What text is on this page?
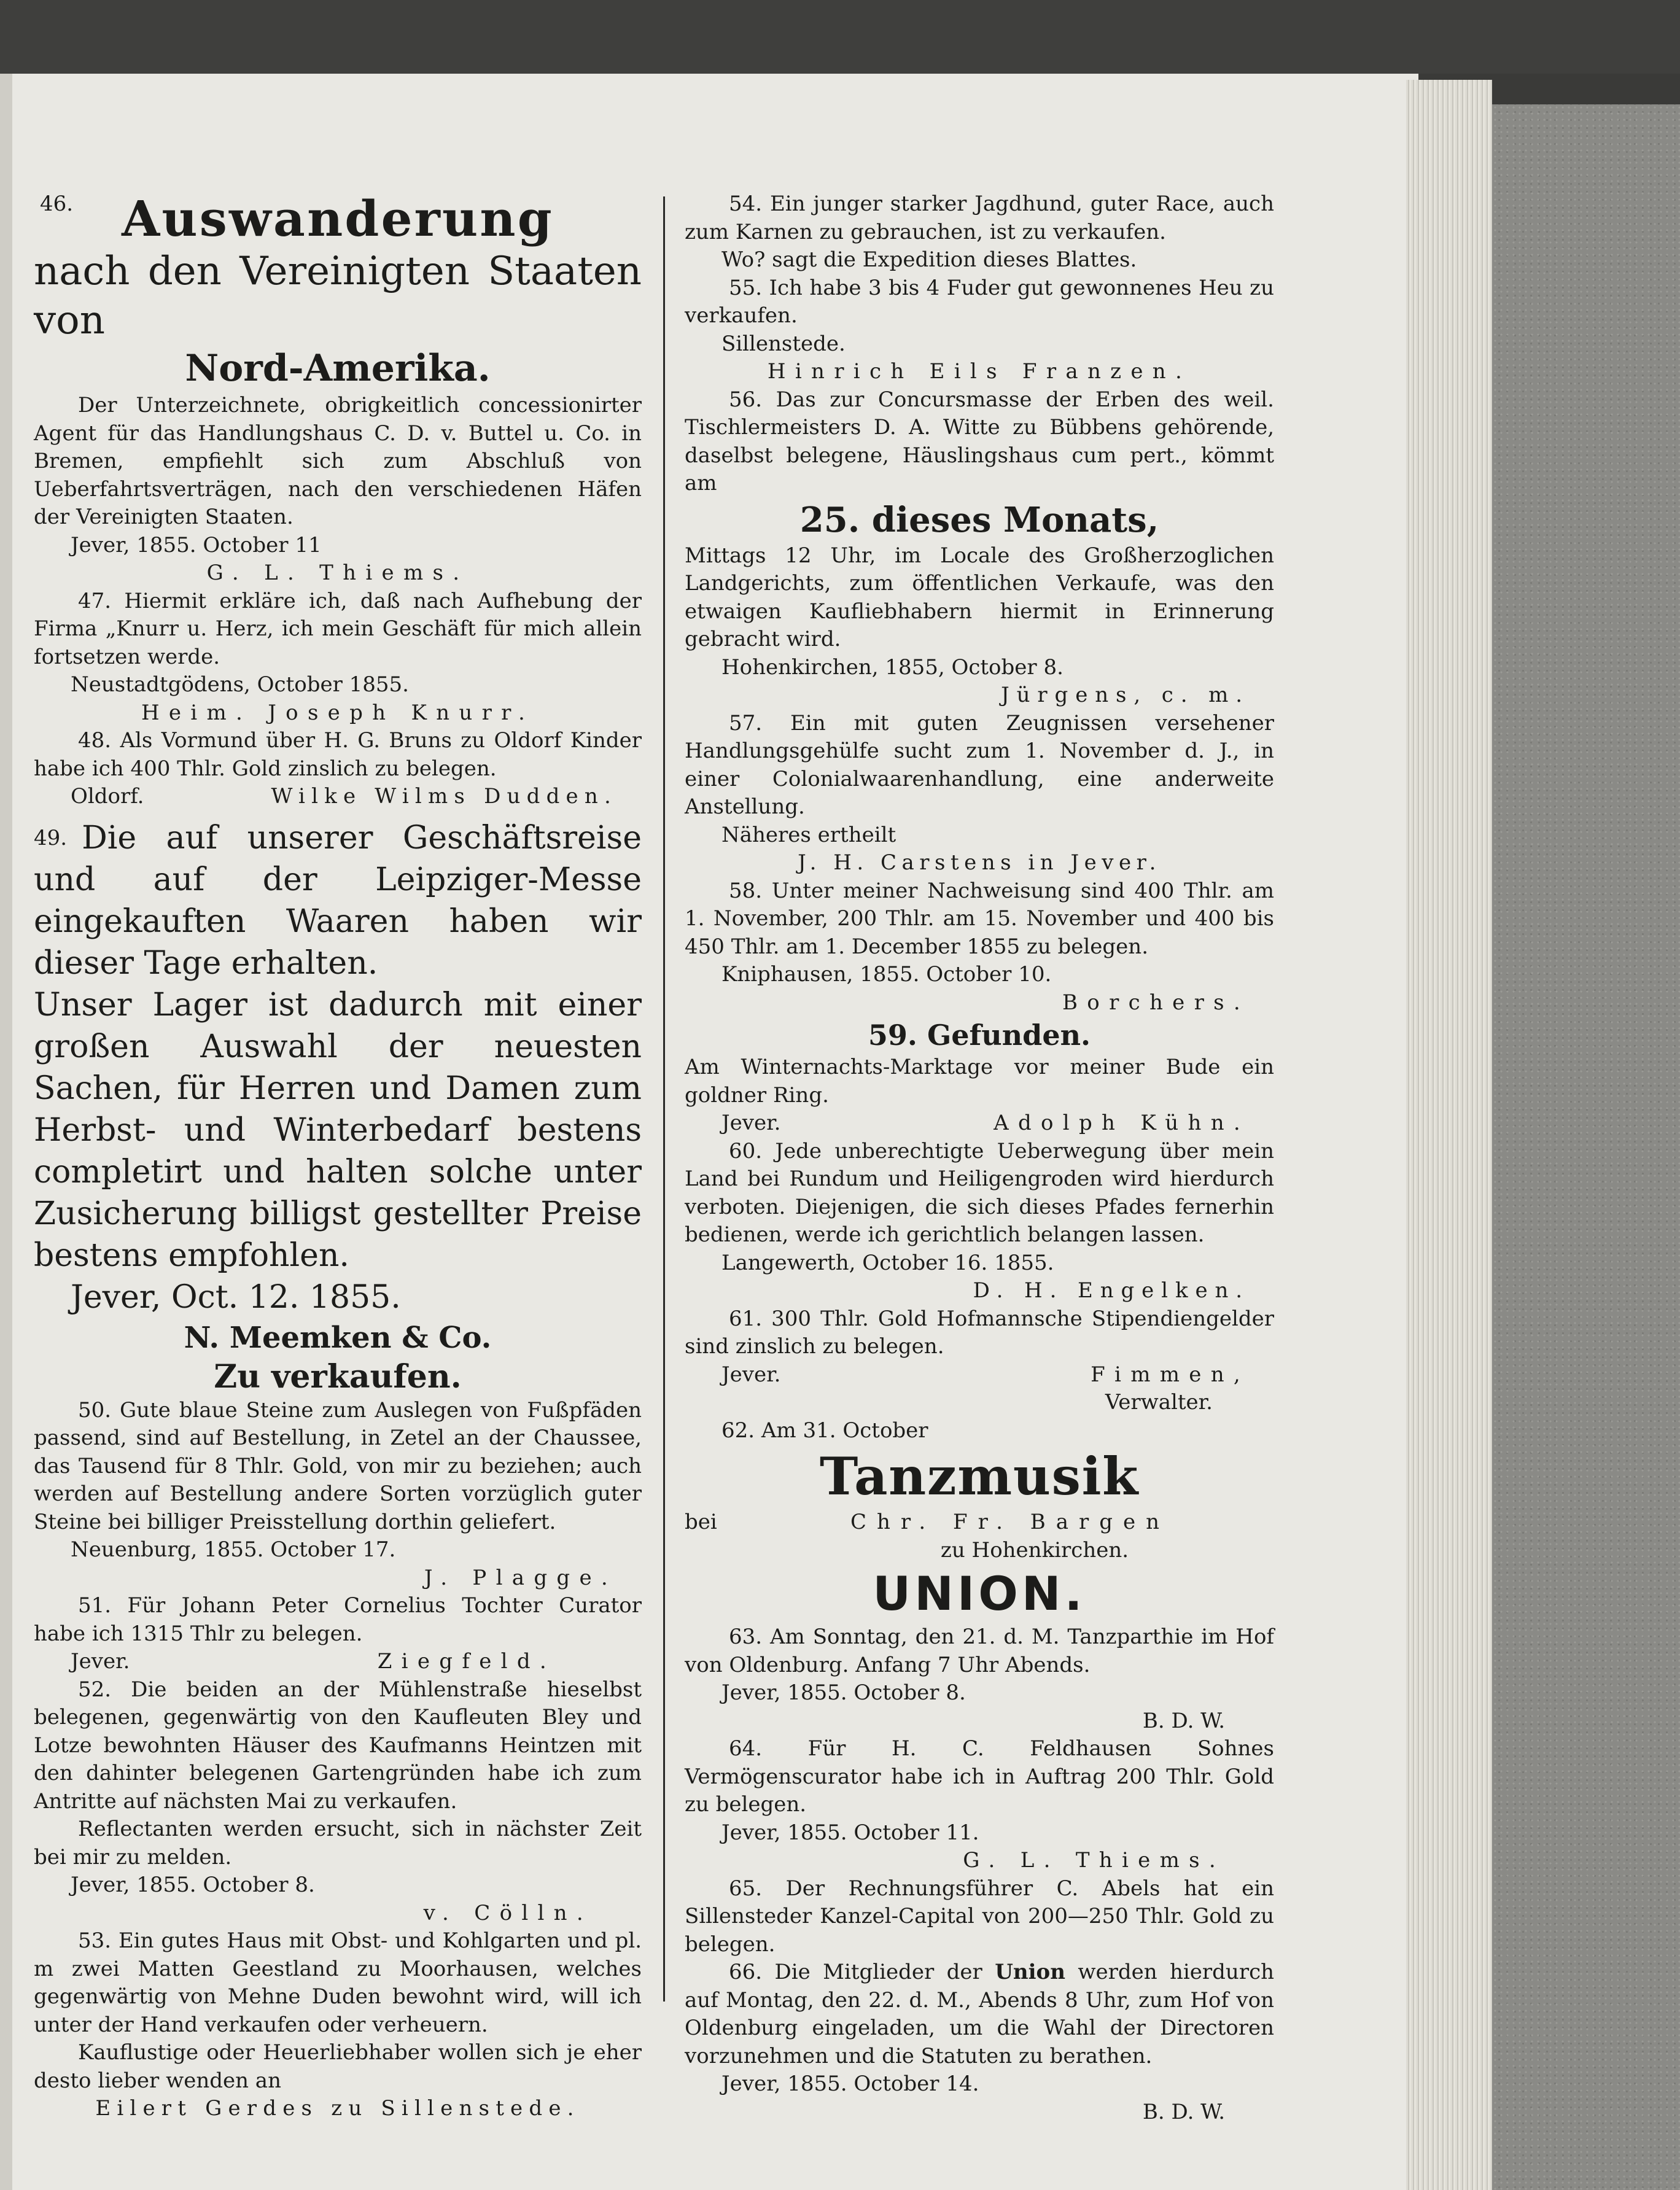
46. Auswanderung
nach den Vereinigten Staaten von
Nord-Amerika.

Der Unterzeichnete, obrigkeitlich concessionirter Agent für das Handlungshaus C. D. v. Buttel u. Co. in Bremen, empfiehlt sich zum Abschluß von Ueberfahrtsverträgen, nach den verschiedenen Häfen der Vereinigten Staaten.

Jever, 1855. October 11

G. L. Thiems.

47. Hiermit erkläre ich, daß nach Aufhebung der Firma „Knurr u. Herz, ich mein Geschäft für mich allein fortsetzen werde.

Neustadtgödens, October 1855.

Heim. Joseph Knurr.

48. Als Vormund über H. G. Bruns zu Oldorf Kinder habe ich 400 Thlr. Gold zinslich zu belegen.

Oldorf.	Wilke Wilms Dudden.

$^{49.}$ Die auf unserer Geschäftsreise und auf der Leipziger-Messe eingekauften Waaren haben wir dieser Tage erhalten.

Unser Lager ist dadurch mit einer großen Auswahl der neuesten Sachen, für Herren und Damen zum Herbst- und Winterbedarf bestens completirt und halten solche unter Zusicherung billigst gestellter Preise bestens empfohlen.

Jever, Oct. 12. 1855.

N. Meemken & Co.

Zu verkaufen.

50. Gute blaue Steine zum Auslegen von Fußpfäden passend, sind auf Bestellung, in Zetel an der Chaussee, das Tausend für 8 Thlr. Gold, von mir zu beziehen; auch werden auf Bestellung andere Sorten vorzüglich guter Steine bei billiger Preisstellung dorthin geliefert.

Neuenburg, 1855. October 17.

J. Plagge.

51. Für Johann Peter Cornelius Tochter Curator habe ich 1315 Thlr zu belegen.

Jever.	Ziegfeld.

52. Die beiden an der Mühlenstraße hieselbst belegenen, gegenwärtig von den Kaufleuten Bley und Lotze bewohnten Häuser des Kaufmanns Heintzen mit den dahinter belegenen Gartengründen habe ich zum Antritte auf nächsten Mai zu verkaufen.

Reflectanten werden ersucht, sich in nächster Zeit bei mir zu melden.

Jever, 1855. October 8.

v. Cölln.

53. Ein gutes Haus mit Obst- und Kohlgarten und pl. m zwei Matten Geestland zu Moorhausen, welches gegenwärtig von Mehne Duden bewohnt wird, will ich unter der Hand verkaufen oder verheuern.

Kauflustige oder Heuerliebhaber wollen sich je eher desto lieber wenden an

Eilert Gerdes zu Sillenstede.

54. Ein junger starker Jagdhund, guter Race, auch zum Karnen zu gebrauchen, ist zu verkaufen.

Wo? sagt die Expedition dieses Blattes.

55. Ich habe 3 bis 4 Fuder gut gewonnenes Heu zu verkaufen.

Sillenstede.

Hinrich Eils Franzen.

56. Das zur Concursmasse der Erben des weil. Tischlermeisters D. A. Witte zu Bübbens gehörende, daselbst belegene, Häuslingshaus cum pert., kömmt am

25. dieses Monats,

Mittags 12 Uhr, im Locale des Großherzoglichen Landgerichts, zum öffentlichen Verkaufe, was den etwaigen Kaufliebhabern hiermit in Erinnerung gebracht wird.

Hohenkirchen, 1855, October 8.

Jürgens, c. m.

57. Ein mit guten Zeugnissen versehener Handlungsgehülfe sucht zum 1. November d. J., in einer Colonialwaarenhandlung, eine anderweite Anstellung.

Näheres ertheilt

J. H. Carstens in Jever.

58. Unter meiner Nachweisung sind 400 Thlr. am 1. November, 200 Thlr. am 15. November und 400 bis 450 Thlr. am 1. December 1855 zu belegen.

Kniphausen, 1855. October 10.

Borchers.

59. Gefunden.

Am Winternachts-Marktage vor meiner Bude ein goldner Ring.

Jever.	Adolph Kühn.

60. Jede unberechtigte Ueberwegung über mein Land bei Rundum und Heiligengroden wird hierdurch verboten. Diejenigen, die sich dieses Pfades fernerhin bedienen, werde ich gerichtlich belangen lassen.

Langewerth, October 16. 1855.

D. H. Engelken.

61. 300 Thlr. Gold Hofmannsche Stipendiengelder sind zinslich zu belegen.

Jever.	Fimmen,

Verwalter.

62. Am 31. October

Tanzmusik

bei	Chr. Fr. Bargen

zu Hohenkirchen.

UNION.

63. Am Sonntag, den 21. d. M. Tanzparthie im Hof von Oldenburg. Anfang 7 Uhr Abends.

Jever, 1855. October 8.

B. D. W.

64. Für H. C. Feldhausen Sohnes Vermögenscurator habe ich in Auftrag 200 Thlr. Gold zu belegen.

Jever, 1855. October 11.

G. L. Thiems.

65. Der Rechnungsführer C. Abels hat ein Sillensteder Kanzel-Capital von 200—250 Thlr. Gold zu belegen.

66. Die Mitglieder der Union werden hierdurch auf Montag, den 22. d. M., Abends 8 Uhr, zum Hof von Oldenburg eingeladen, um die Wahl der Directoren vorzunehmen und die Statuten zu berathen.

Jever, 1855. October 14.

B. D. W.
